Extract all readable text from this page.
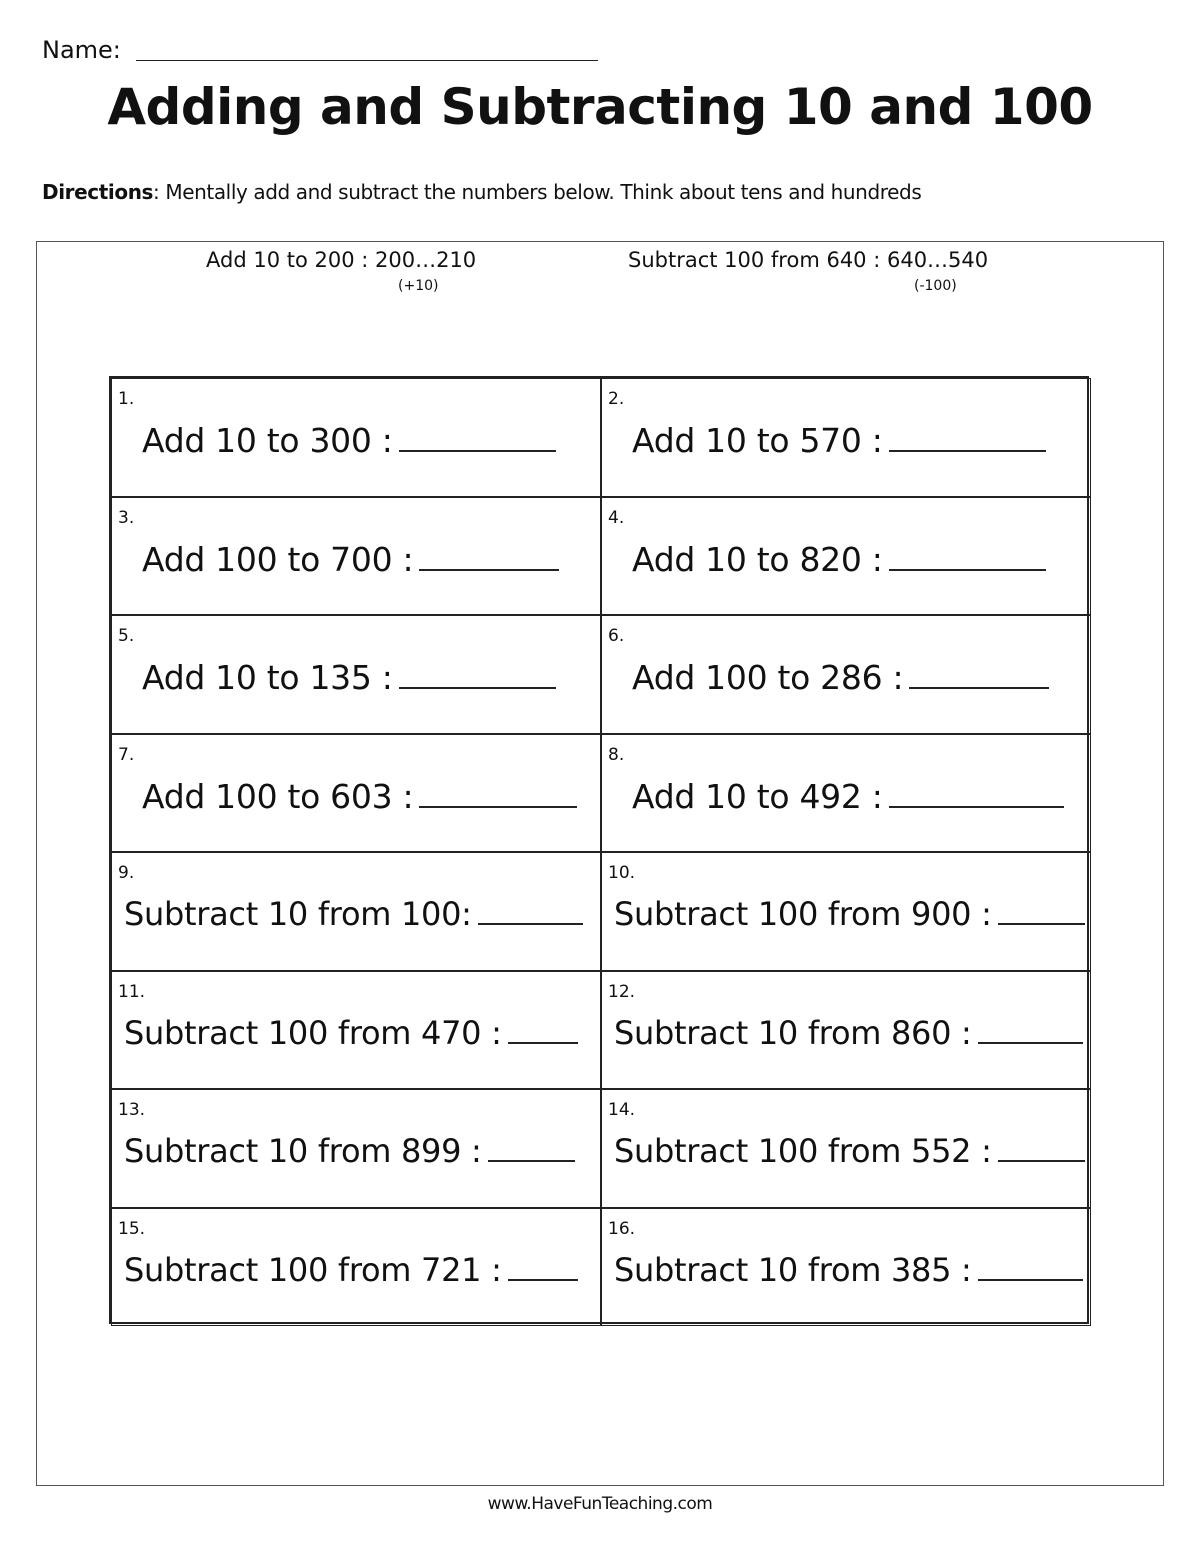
Name:
Adding and Subtracting 10 and 100
Directions: Mentally add and subtract the numbers below. Think about tens and hundreds
Add 10 to 200 : 200…210
(+10)
Subtract 100 from 640 : 640…540
(-100)
1.
Add 10 to 300 :
2.
Add 10 to 570 :
3.
Add 100 to 700 :
4.
Add 10 to 820 :
5.
Add 10 to 135 :
6.
Add 100 to 286 :
7.
Add 100 to 603 :
8.
Add 10 to 492 :
9.
Subtract 10 from 100:
10.
Subtract 100 from 900 :
11.
Subtract 100 from 470 :
12.
Subtract 10 from 860 :
13.
Subtract 10 from 899 :
14.
Subtract 100 from 552 :
15.
Subtract 100 from 721 :
16.
Subtract 10 from 385 :
www.HaveFunTeaching.com
